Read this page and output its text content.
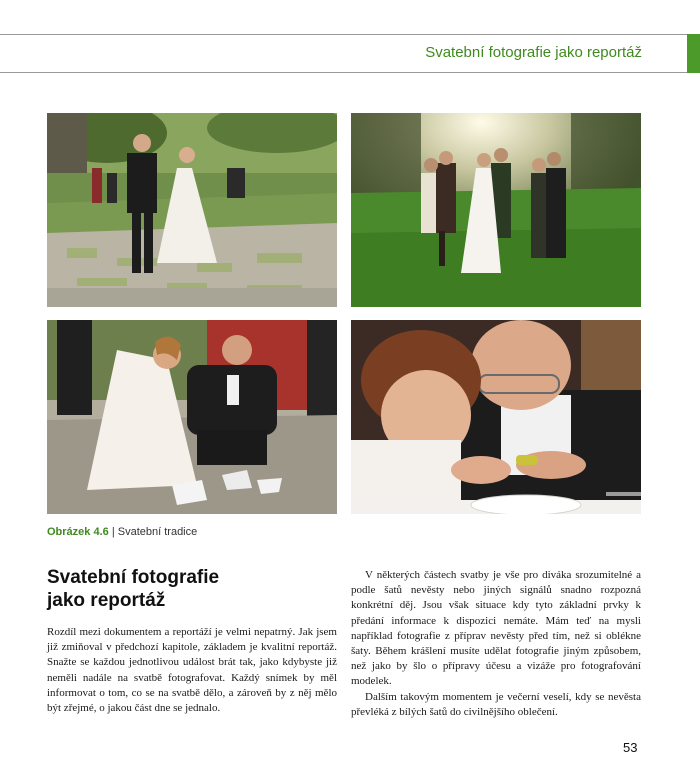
Svatební fotografie jako reportáž
Obrázek 4.6 | Svatební tradice
Svatební fotografie
jako reportáž

Rozdíl mezi dokumentem a reportáží je velmi nepatrný. Jak jsem již zmiňoval v předchozí kapitole, základem je kvalitní reportáž. Snažte se každou jednotlivou událost brát tak, jako kdybyste již neměli nadále na svatbě fotografovat. Každý snímek by měl informovat o tom, co se na svatbě dělo, a zároveň by z něj mělo být zřejmé, o jakou část dne se jednalo.

V některých částech svatby je vše pro diváka srozumitelné a podle šatů nevěsty nebo jiných signálů snadno rozpozná konkrétní děj. Jsou však situace kdy tyto základní prvky k předání informace k dispozici nemáte. Mám teď na mysli například fotografie z příprav nevěsty před tím, než si oblékne šaty. Během krášlení musíte udělat fotografie jiným způsobem, než jako by šlo o přípravy účesu a vizáže pro fotografování modelek.

Dalším takovým momentem je večerní veselí, kdy se nevěsta převléká z bílých šatů do civilnějšího oblečení.

53
